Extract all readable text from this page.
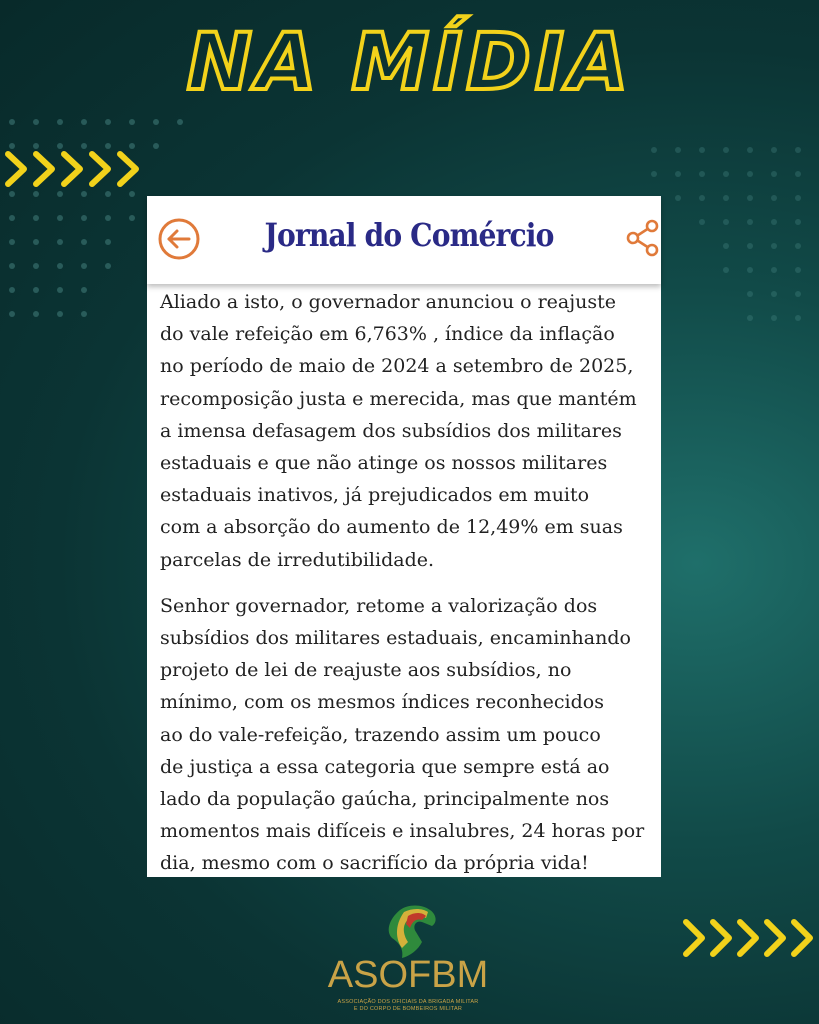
NA MÍDIA
Jornal do Comércio

Aliado a isto, o governador anunciou o reajuste
do vale refeição em 6,763% , índice da inflação
no período de maio de 2024 a setembro de 2025,
recomposição justa e merecida, mas que mantém
a imensa defasagem dos subsídios dos militares
estaduais e que não atinge os nossos militares
estaduais inativos, já prejudicados em muito
com a absorção do aumento de 12,49% em suas
parcelas de irredutibilidade.

Senhor governador, retome a valorização dos
subsídios dos militares estaduais, encaminhando
projeto de lei de reajuste aos subsídios, no
mínimo, com os mesmos índices reconhecidos
ao do vale-refeição, trazendo assim um pouco
de justiça a essa categoria que sempre está ao
lado da população gaúcha, principalmente nos
momentos mais difíceis e insalubres, 24 horas por
dia, mesmo com o sacrifício da própria vida!

ASOFBM
ASSOCIAÇÃO DOS OFICIAIS DA BRIGADA MILITAR
E DO CORPO DE BOMBEIROS MILITAR
